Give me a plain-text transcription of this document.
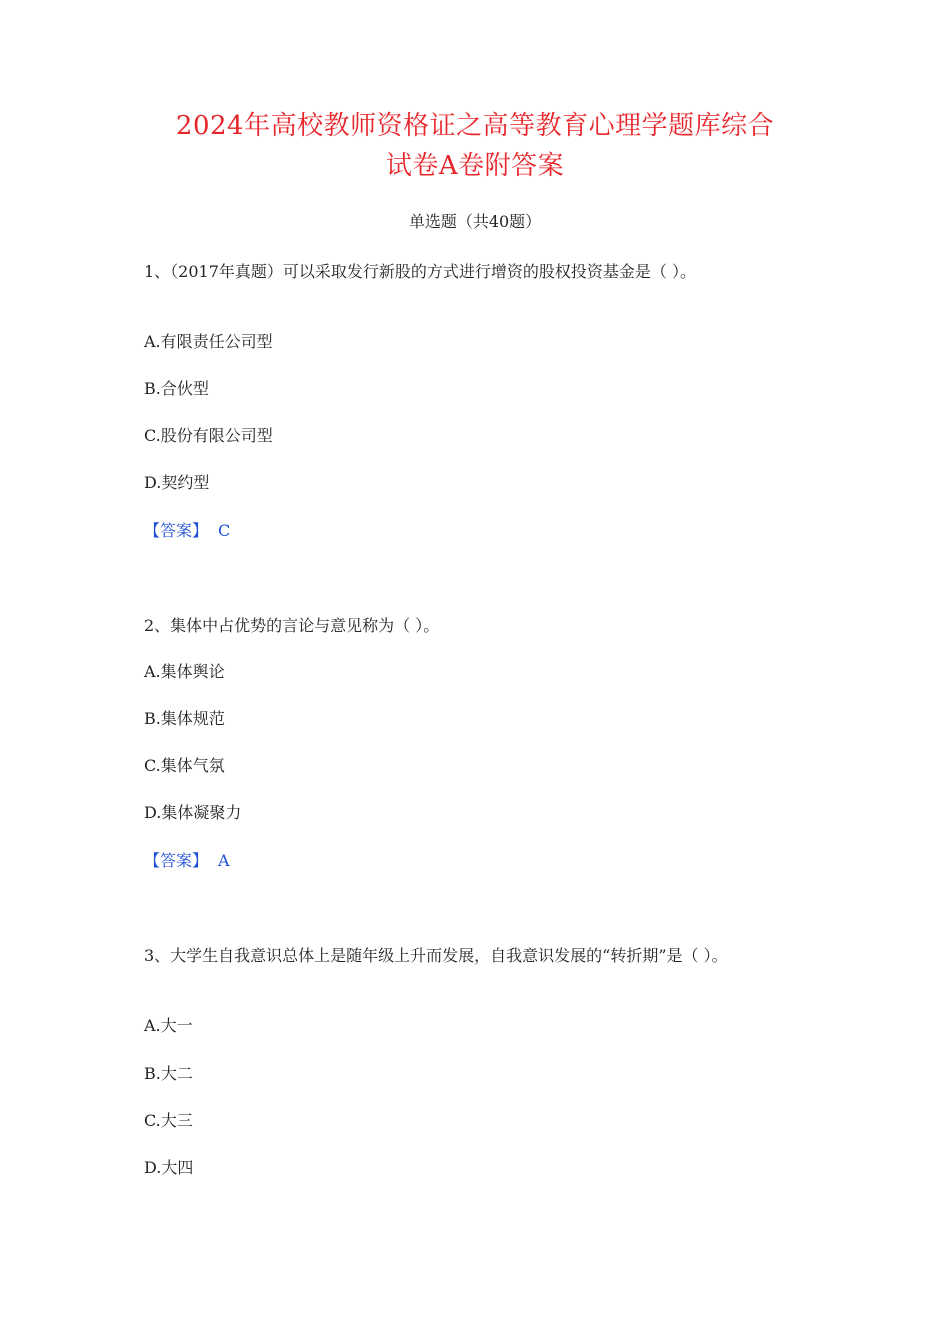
2024年高校教师资格证之高等教育心理学题库综合
试卷A卷附答案
单选题（共40题）
1、（2017年真题）可以采取发行新股的方式进行增资的股权投资基金是（ ）。
A.有限责任公司型
B.合伙型
C.股份有限公司型
D.契约型
【答案】 C
2、集体中占优势的言论与意见称为（ ）。
A.集体舆论
B.集体规范
C.集体气氛
D.集体凝聚力
【答案】 A
3、大学生自我意识总体上是随年级上升而发展，自我意识发展的“转折期”是（ ）。
A.大一
B.大二
C.大三
D.大四
